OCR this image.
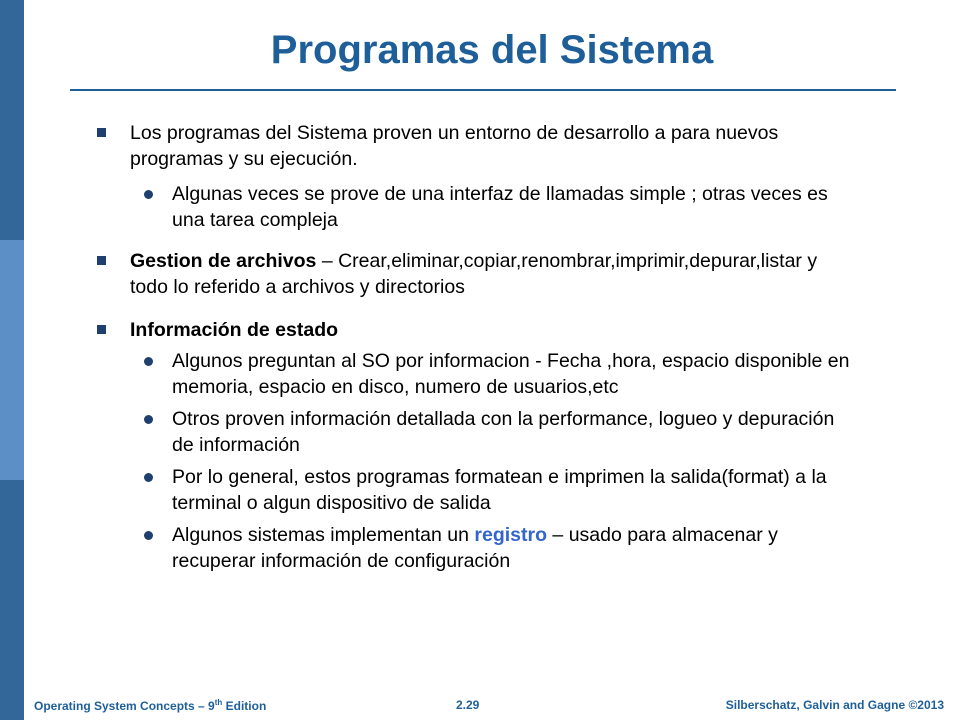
Programas del Sistema
Los programas del Sistema proven un entorno de desarrollo a para nuevos programas y su ejecución.
Algunas veces se prove de una interfaz de llamadas simple ; otras veces es una tarea compleja
Gestion de archivos – Crear,eliminar,copiar,renombrar,imprimir,depurar,listar y todo lo referido a archivos y directorios
Información de estado
Algunos preguntan al SO por informacion - Fecha ,hora, espacio disponible en memoria, espacio en disco, numero de usuarios,etc
Otros proven información detallada con la performance, logueo y depuración de información
Por lo general, estos programas formatean e imprimen la salida(format) a la terminal o algun dispositivo de salida
Algunos sistemas implementan un registro – usado para almacenar y recuperar información de configuración
Operating System Concepts – 9th Edition	2.29	Silberschatz, Galvin and Gagne ©2013
